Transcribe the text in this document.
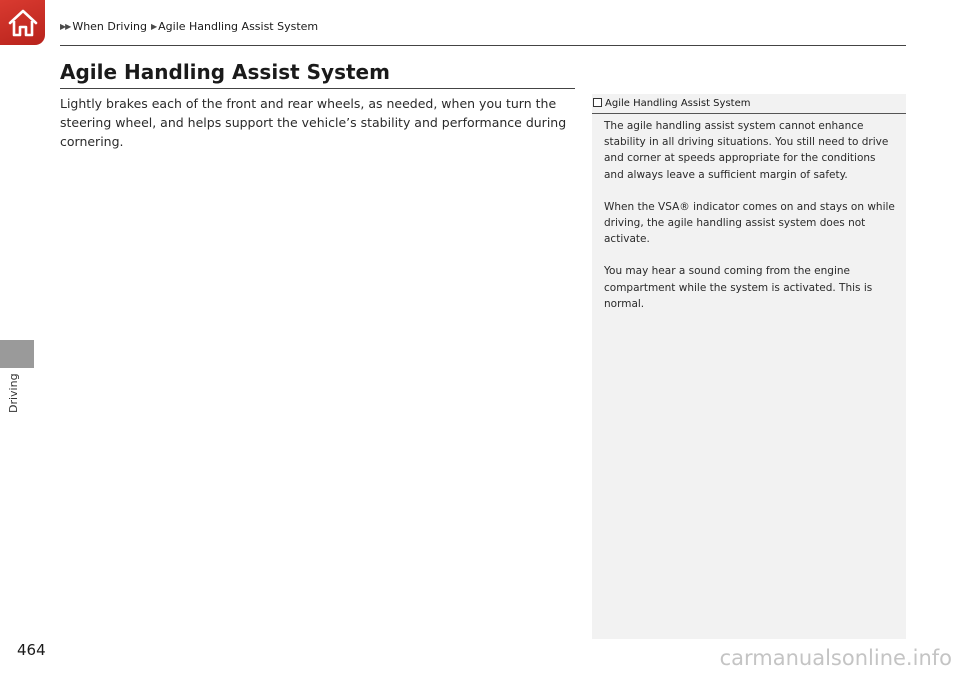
▶▶ When Driving ▶ Agile Handling Assist System
Driving
Agile Handling Assist System

Lightly brakes each of the front and rear wheels, as needed, when you turn the steering wheel, and helps support the vehicle’s stability and performance during cornering.

Agile Handling Assist System

The agile handling assist system cannot enhance stability in all driving situations. You still need to drive and corner at speeds appropriate for the conditions and always leave a sufficient margin of safety.

When the VSA® indicator comes on and stays on while driving, the agile handling assist system does not activate.

You may hear a sound coming from the engine compartment while the system is activated. This is normal.

464	carmanualsonline.info
